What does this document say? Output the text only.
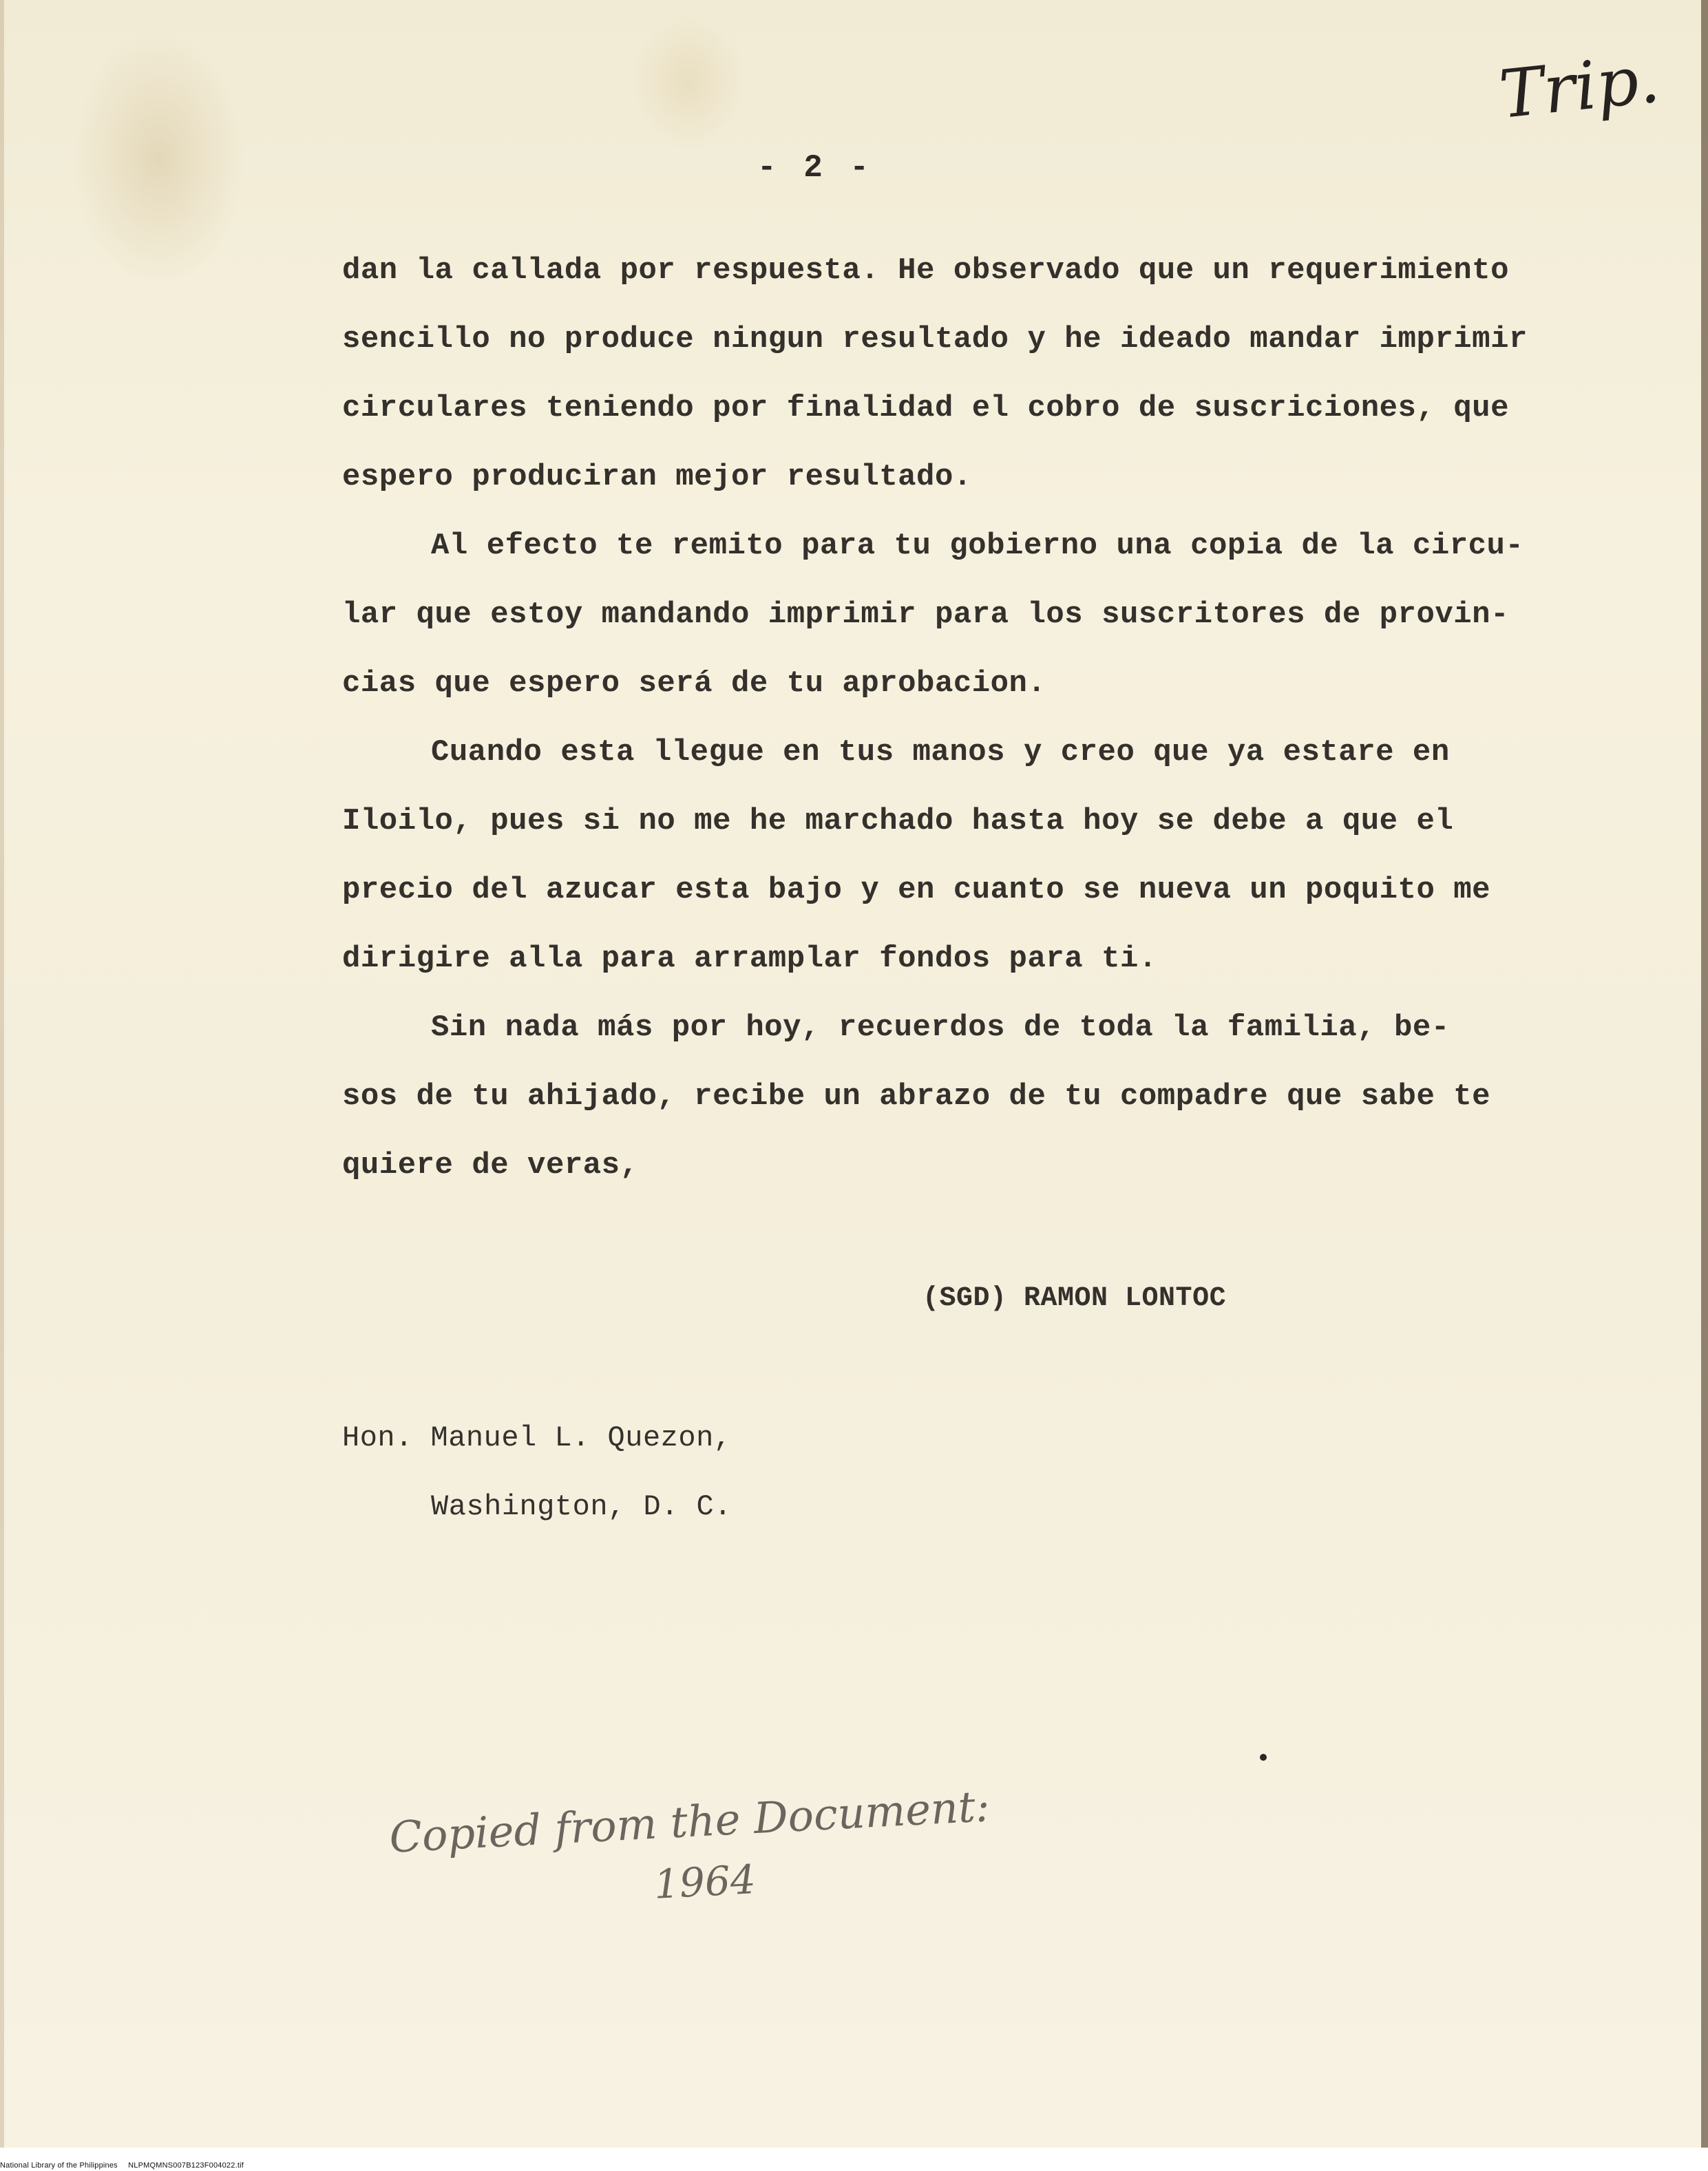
Trip.
- 2 -

dan la callada por respuesta. He observado que un requerimiento

sencillo no produce ningun resultado y he ideado mandar imprimir

circulares teniendo por finalidad el cobro de suscriciones, que

espero produciran mejor resultado.

Al efecto te remito para tu gobierno una copia de la circu-

lar que estoy mandando imprimir para los suscritores de provin-

cias que espero será de tu aprobacion.

Cuando esta llegue en tus manos y creo que ya estare en

Iloilo, pues si no me he marchado hasta hoy se debe a que el

precio del azucar esta bajo y en cuanto se nueva un poquito me

dirigire alla para arramplar fondos para ti.

Sin nada más por hoy, recuerdos de toda la familia, be-

sos de tu ahijado, recibe un abrazo de tu compadre que sabe te

quiere de veras,

(SGD) RAMON LONTOC
Hon. Manuel L. Quezon,
Washington, D. C.
Copied from the Document:
1964
National Library of the Philippines NLPMQMNS007B123F004022.tif
